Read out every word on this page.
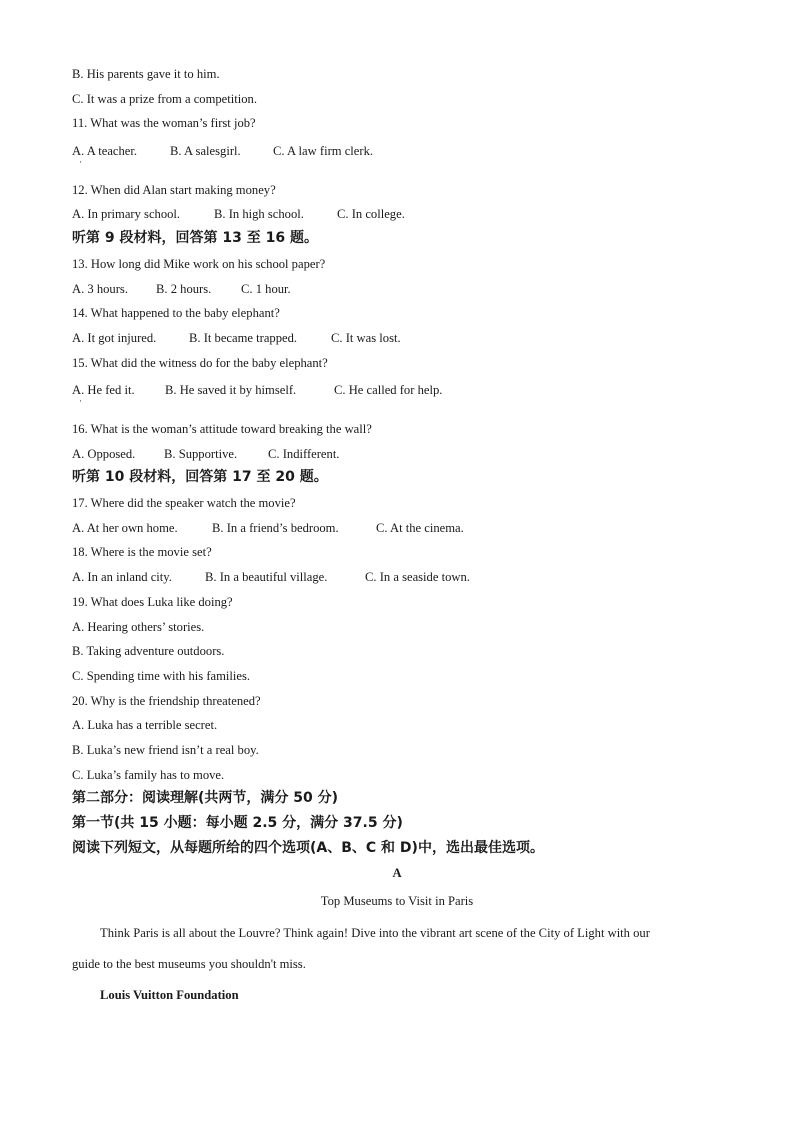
B. His parents gave it to him.
C. It was a prize from a competition.
11. What was the woman’s first job?
A. A teacher.	B. A salesgirl.	C. A law firm clerk.
·
12. When did Alan start making money?
A. In primary school.	B. In high school.	C. In college.
听第 9 段材料，回答第 13 至 16 题。
13. How long did Mike work on his school paper?
A. 3 hours. B. 2 hours. C. 1 hour.
14. What happened to the baby elephant?
A. It got injured.	B. It became trapped.	C. It was lost.
15. What did the witness do for the baby elephant?
A. He fed it. B. He saved it by himself.	C. He called for help.
·
16. What is the woman’s attitude toward breaking the wall?
A. Opposed. B. Supportive. C. Indifferent.
听第 10 段材料，回答第 17 至 20 题。
17. Where did the speaker watch the movie?
A. At her own home.	B. In a friend’s bedroom.	C. At the cinema.
18. Where is the movie set?
A. In an inland city.	B. In a beautiful village.	C. In a seaside town.
19. What does Luka like doing?
A. Hearing others’ stories.
B. Taking adventure outdoors.
C. Spending time with his families.
20. Why is the friendship threatened?
A. Luka has a terrible secret.
B. Luka’s new friend isn’t a real boy.
C. Luka’s family has to move.
第二部分：阅读理解(共两节，满分 50 分)
第一节(共 15 小题：每小题 2.5 分，满分 37.5 分)
阅读下列短文，从每题所给的四个选项(A、B、C 和 D)中，选出最佳选项。
A
Top Museums to Visit in Paris
Think Paris is all about the Louvre? Think again! Dive into the vibrant art scene of the City of Light with our
guide to the best museums you shouldn't miss.
Louis Vuitton Foundation
